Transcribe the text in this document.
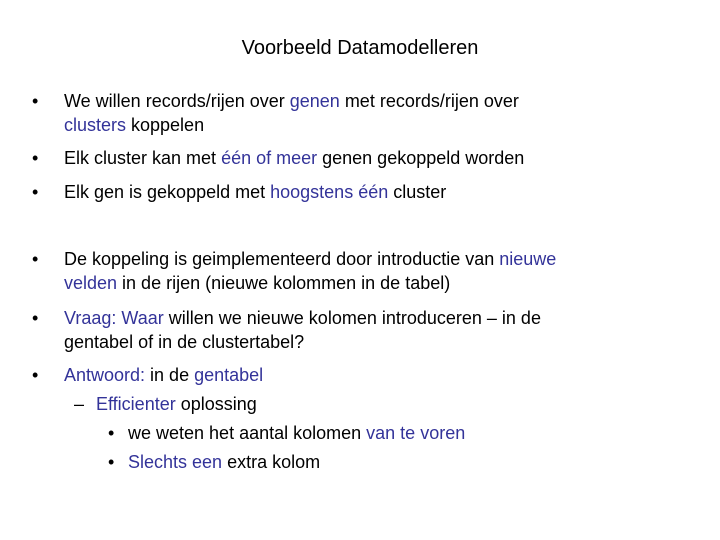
Voorbeeld Datamodelleren
• We willen records/rijen over genen met records/rijen over
clusters koppelen
• Elk cluster kan met één of meer genen gekoppeld worden
• Elk gen is gekoppeld met hoogstens één cluster
• De koppeling is geimplementeerd door introductie van nieuwe
velden in de rijen (nieuwe kolommen in de tabel)
• Vraag: Waar willen we nieuwe kolomen introduceren – in de
gentabel of in de clustertabel?
• Antwoord: in de gentabel
– Efficienter oplossing
• we weten het aantal kolomen van te voren
• Slechts een extra kolom
